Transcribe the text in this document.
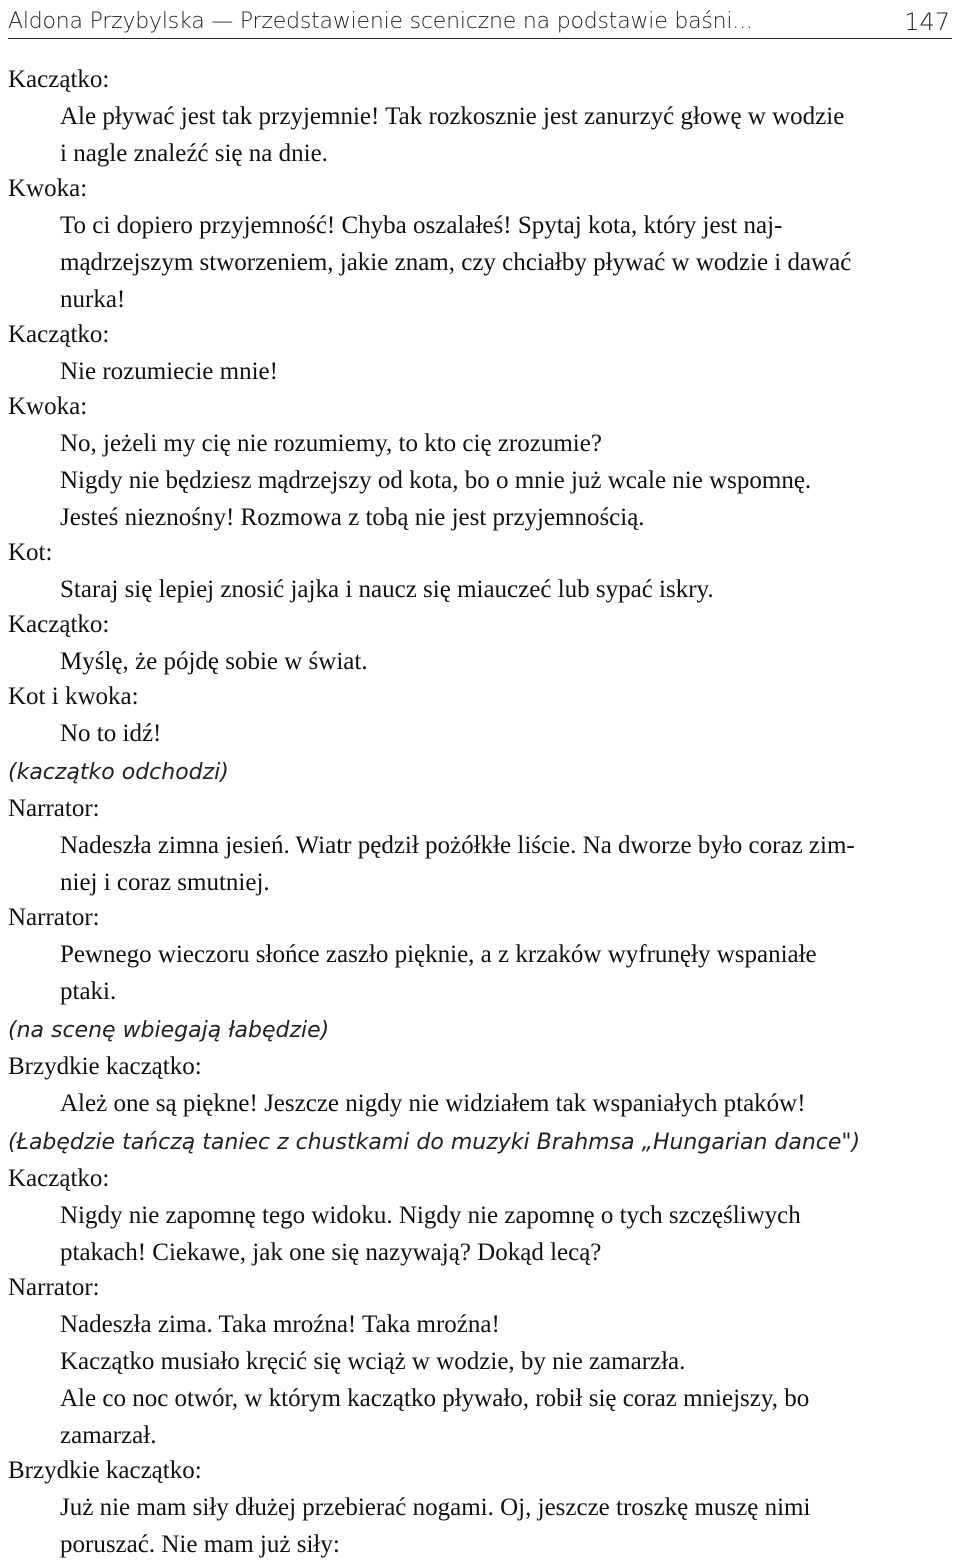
Aldona Przybylska — Przedstawienie sceniczne na podstawie baśni...	147
Kaczątko:
Ale pływać jest tak przyjemnie! Tak rozkosznie jest zanurzyć głowę w wodzie
i nagle znaleźć się na dnie.
Kwoka:
To ci dopiero przyjemność! Chyba oszalałeś! Spytaj kota, który jest naj-
mądrzejszym stworzeniem, jakie znam, czy chciałby pływać w wodzie i dawać
nurka!
Kaczątko:
Nie rozumiecie mnie!
Kwoka:
No, jeżeli my cię nie rozumiemy, to kto cię zrozumie?
Nigdy nie będziesz mądrzejszy od kota, bo o mnie już wcale nie wspomnę.
Jesteś nieznośny! Rozmowa z tobą nie jest przyjemnością.
Kot:
Staraj się lepiej znosić jajka i naucz się miauczeć lub sypać iskry.
Kaczątko:
Myślę, że pójdę sobie w świat.
Kot i kwoka:
No to idź!
(kaczątko odchodzi)
Narrator:
Nadeszła zimna jesień. Wiatr pędził pożółkłe liście. Na dworze było coraz zim-
niej i coraz smutniej.
Narrator:
Pewnego wieczoru słońce zaszło pięknie, a z krzaków wyfrunęły wspaniałe
ptaki.
(na scenę wbiegają łabędzie)
Brzydkie kaczątko:
Ależ one są piękne! Jeszcze nigdy nie widziałem tak wspaniałych ptaków!
(Łabędzie tańczą taniec z chustkami do muzyki Brahmsa „Hungarian dance")
Kaczątko:
Nigdy nie zapomnę tego widoku. Nigdy nie zapomnę o tych szczęśliwych
ptakach! Ciekawe, jak one się nazywają? Dokąd lecą?
Narrator:
Nadeszła zima. Taka mroźna! Taka mroźna!
Kaczątko musiało kręcić się wciąż w wodzie, by nie zamarzła.
Ale co noc otwór, w którym kaczątko pływało, robił się coraz mniejszy, bo
zamarzał.
Brzydkie kaczątko:
Już nie mam siły dłużej przebierać nogami. Oj, jeszcze troszkę muszę nimi
poruszać. Nie mam już siły:
